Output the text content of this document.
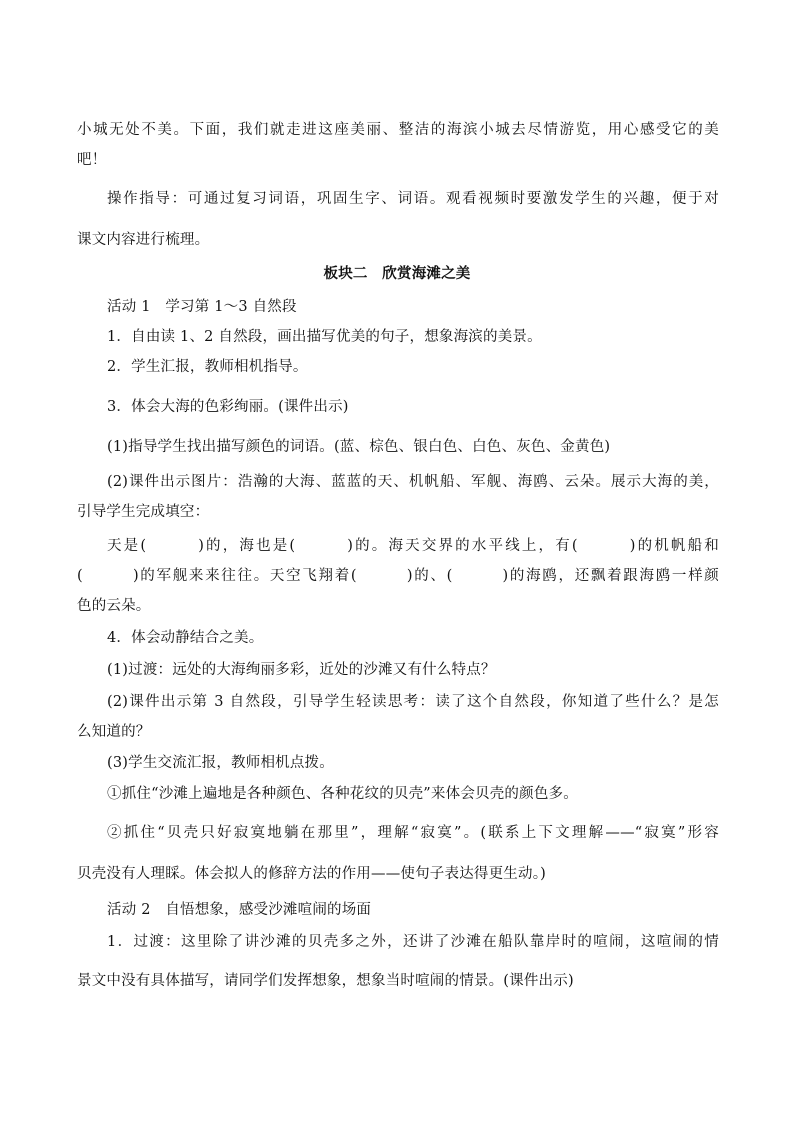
小城无处不美。下面，我们就走进这座美丽、整洁的海滨小城去尽情游览，用心感受它的美
吧！
操作指导：可通过复习词语，巩固生字、词语。观看视频时要激发学生的兴趣，便于对
课文内容进行梳理。
板块二　欣赏海滩之美
活动 1　学习第 1～3 自然段
1．自由读 1、2 自然段，画出描写优美的句子，想象海滨的美景。
2．学生汇报，教师相机指导。
3．体会大海的色彩绚丽。(课件出示)
(1)指导学生找出描写颜色的词语。(蓝、棕色、银白色、白色、灰色、金黄色)
(2)课件出示图片：浩瀚的大海、蓝蓝的天、机帆船、军舰、海鸥、云朵。展示大海的美，
引导学生完成填空：
天是(　　　)的，海也是(　　　)的。海天交界的水平线上，有(　　　)的机帆船和
(　　　)的军舰来来往往。天空飞翔着(　　　)的、(　　　)的海鸥，还飘着跟海鸥一样颜
色的云朵。
4．体会动静结合之美。
(1)过渡：远处的大海绚丽多彩，近处的沙滩又有什么特点？
(2)课件出示第 3 自然段，引导学生轻读思考：读了这个自然段，你知道了些什么？是怎
么知道的？
(3)学生交流汇报，教师相机点拨。
①抓住“沙滩上遍地是各种颜色、各种花纹的贝壳”来体会贝壳的颜色多。
②抓住“贝壳只好寂寞地躺在那里”，理解“寂寞”。(联系上下文理解——“寂寞”形容
贝壳没有人理睬。体会拟人的修辞方法的作用——使句子表达得更生动。)
活动 2　自悟想象，感受沙滩喧闹的场面
1．过渡：这里除了讲沙滩的贝壳多之外，还讲了沙滩在船队靠岸时的喧闹，这喧闹的情
景文中没有具体描写，请同学们发挥想象，想象当时喧闹的情景。(课件出示)
